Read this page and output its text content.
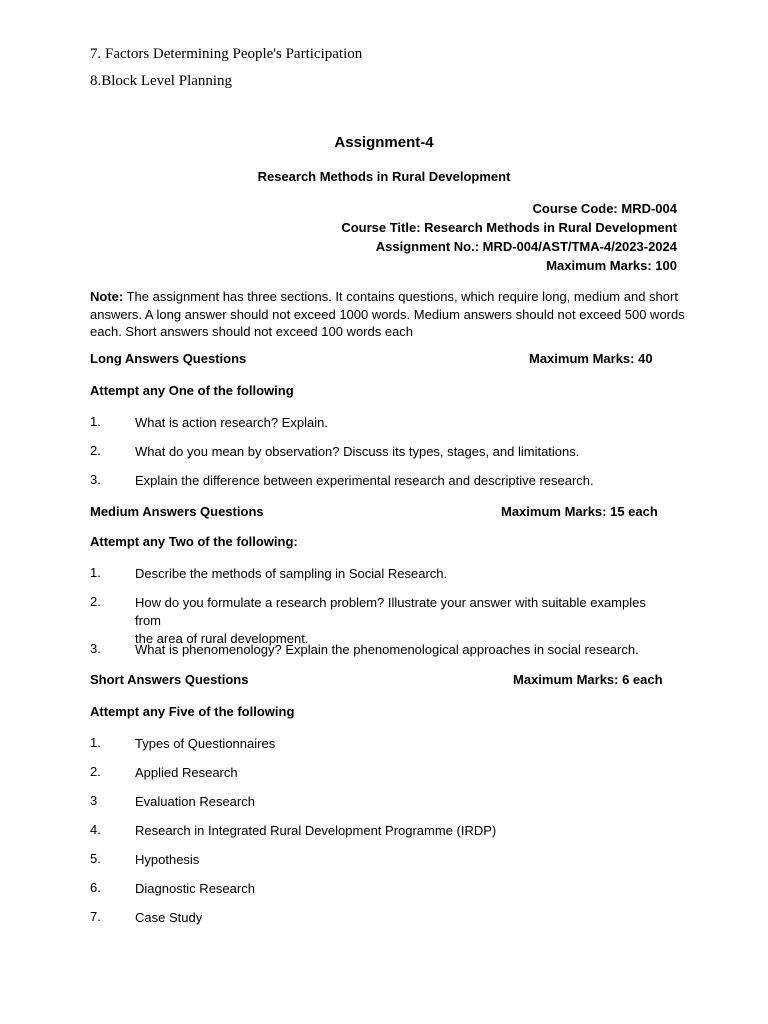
7. Factors Determining People's Participation
8.Block Level Planning
Assignment-4
Research Methods in Rural Development
Course Code: MRD-004
Course Title: Research Methods in Rural Development
Assignment No.: MRD-004/AST/TMA-4/2023-2024
Maximum Marks: 100
Note: The assignment has three sections. It contains questions, which require long, medium and short
answers. A long answer should not exceed 1000 words. Medium answers should not exceed 500 words
each. Short answers should not exceed 100 words each
Long Answers Questions	Maximum Marks: 40
Attempt any One of the following
1.	What is action research? Explain.
2.	What do you mean by observation? Discuss its types, stages, and limitations.
3.	Explain the difference between experimental research and descriptive research.
Medium Answers Questions	Maximum Marks: 15 each
Attempt any Two of the following:
1.	Describe the methods of sampling in Social Research.
2.	How do you formulate a research problem? Illustrate your answer with suitable examples from
the area of rural development.
3.	What is phenomenology? Explain the phenomenological approaches in social research.
Short Answers Questions	Maximum Marks: 6 each
Attempt any Five of the following
1.	Types of Questionnaires
2.	Applied Research
3	Evaluation Research
4.	Research in Integrated Rural Development Programme (IRDP)
5.	Hypothesis
6.	Diagnostic Research
7.	Case Study
